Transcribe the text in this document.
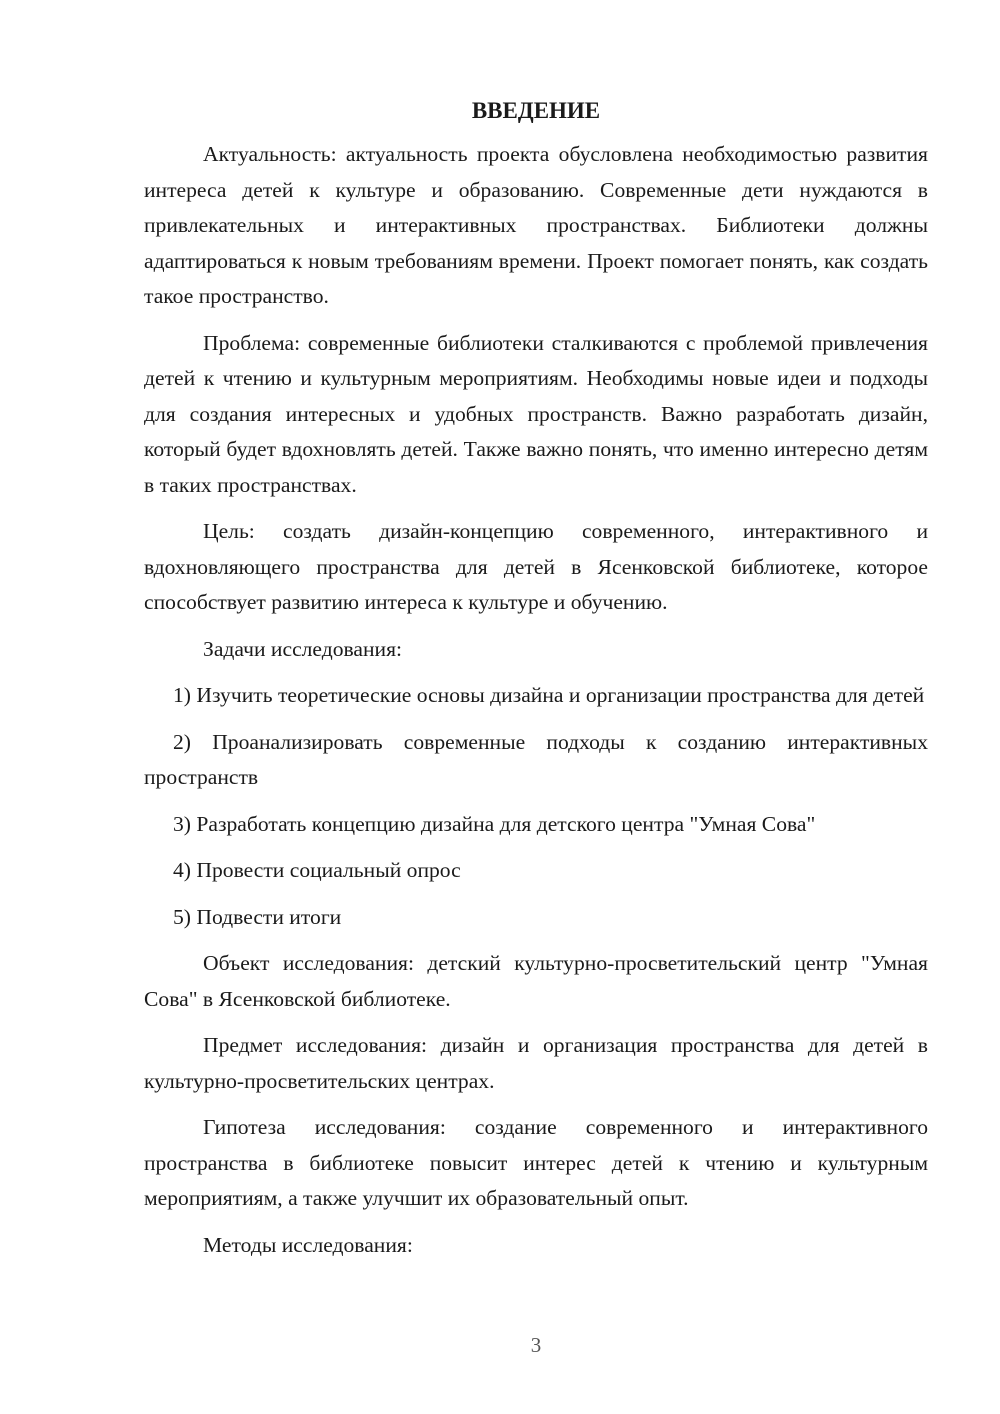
ВВЕДЕНИЕ

Актуальность: актуальность проекта обусловлена необходимостью развития интереса детей к культуре и образованию. Современные дети нуждаются в привлекательных и интерактивных пространствах. Библиотеки должны адаптироваться к новым требованиям времени. Проект помогает понять, как создать такое пространство.

Проблема: современные библиотеки сталкиваются с проблемой привлечения детей к чтению и культурным мероприятиям. Необходимы новые идеи и подходы для создания интересных и удобных пространств. Важно разработать дизайн, который будет вдохновлять детей. Также важно понять, что именно интересно детям в таких пространствах.

Цель: создать дизайн-концепцию современного, интерактивного и вдохновляющего пространства для детей в Ясенковской библиотеке, которое способствует развитию интереса к культуре и обучению.

Задачи исследования:

1) Изучить теоретические основы дизайна и организации пространства для детей

2) Проанализировать современные подходы к созданию интерактивных пространств

3) Разработать концепцию дизайна для детского центра "Умная Сова"

4) Провести социальный опрос

5) Подвести итоги

Объект исследования: детский культурно-просветительский центр "Умная Сова" в Ясенковской библиотеке.

Предмет исследования: дизайн и организация пространства для детей в культурно-просветительских центрах.

Гипотеза исследования: создание современного и интерактивного пространства в библиотеке повысит интерес детей к чтению и культурным мероприятиям, а также улучшит их образовательный опыт.

Методы исследования:

3
